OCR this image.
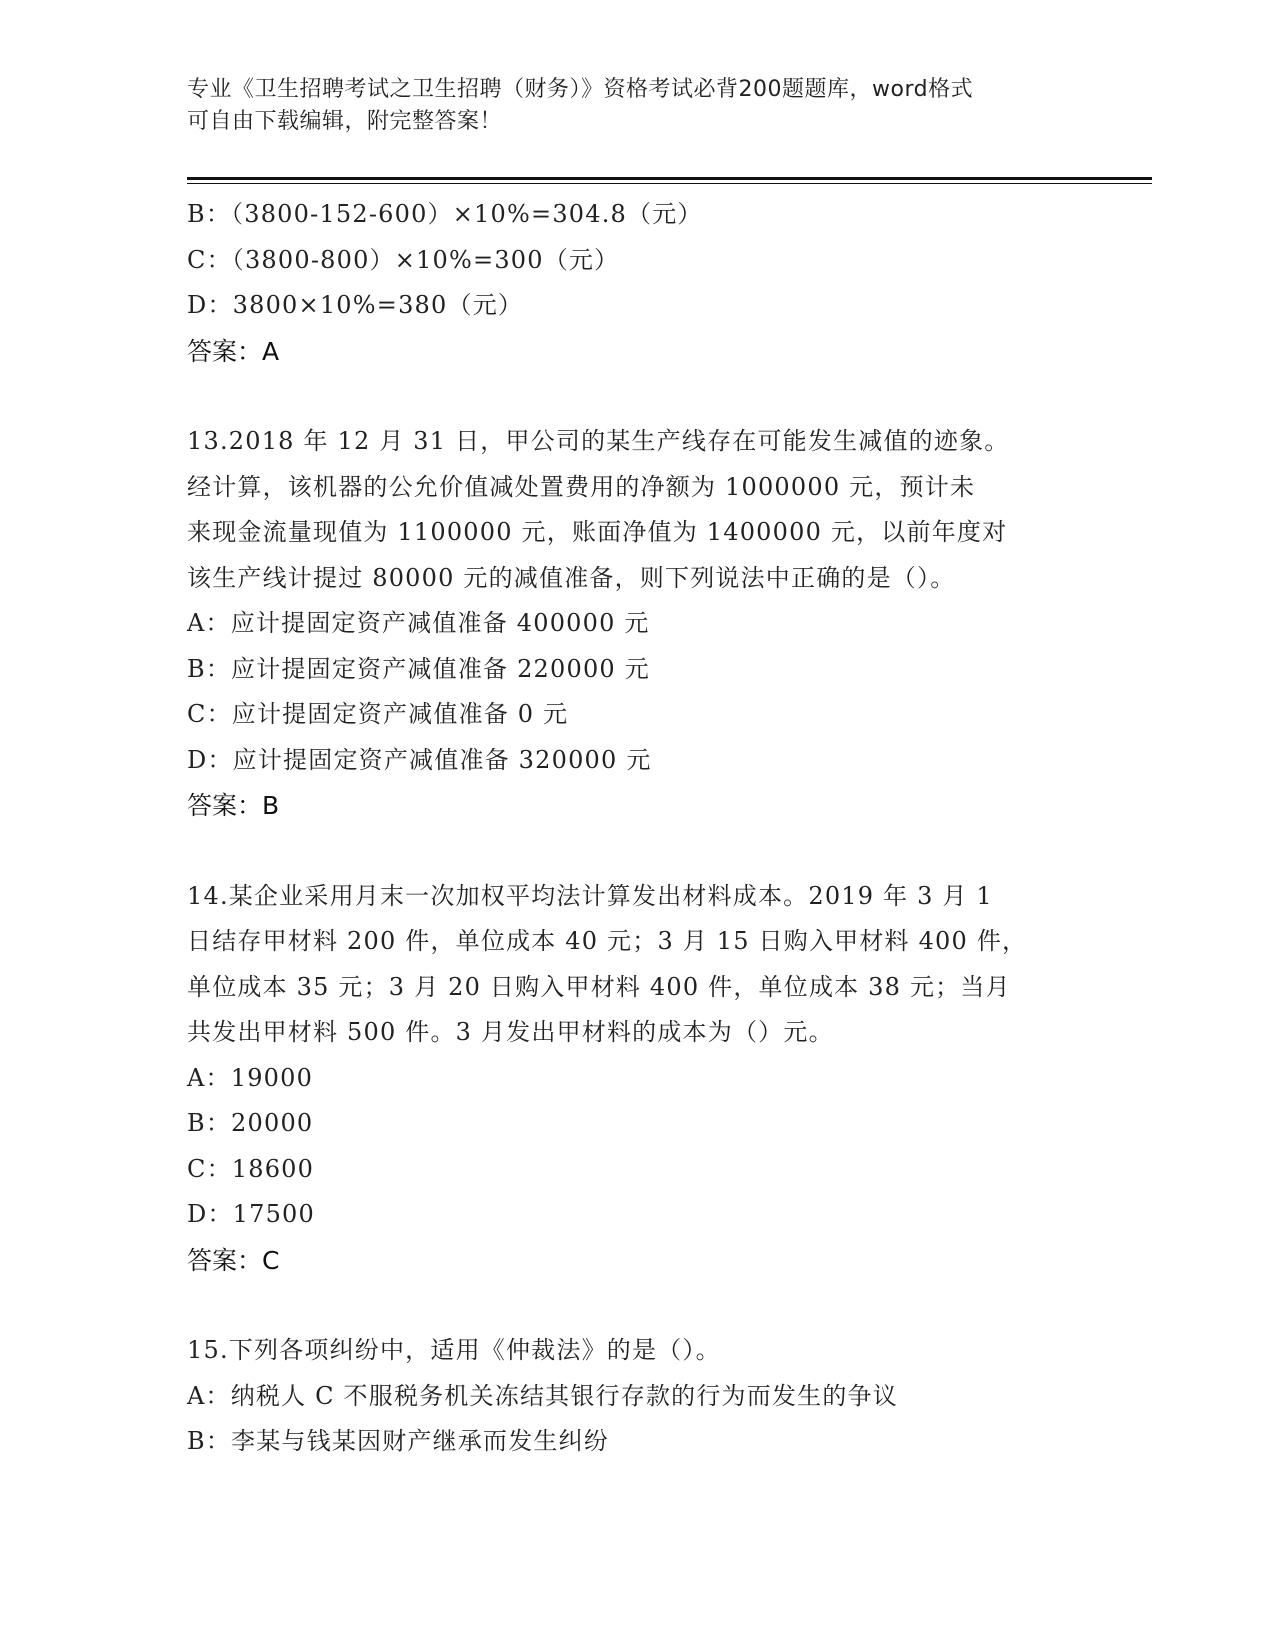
专业《卫生招聘考试之卫生招聘（财务）》资格考试必背200题题库，word格式
可自由下载编辑，附完整答案！
B：（3800-152-600）×10%=304.8（元）
C：（3800-800）×10%=300（元）
D：3800×10%=380（元）
答案：A
13.2018 年 12 月 31 日，甲公司的某生产线存在可能发生减值的迹象。
经计算，该机器的公允价值减处置费用的净额为 1000000 元，预计未
来现金流量现值为 1100000 元，账面净值为 1400000 元，以前年度对
该生产线计提过 80000 元的减值准备，则下列说法中正确的是（）。
A：应计提固定资产减值准备 400000 元
B：应计提固定资产减值准备 220000 元
C：应计提固定资产减值准备 0 元
D：应计提固定资产减值准备 320000 元
答案：B
14.某企业采用月末一次加权平均法计算发出材料成本。2019 年 3 月 1
日结存甲材料 200 件，单位成本 40 元；3 月 15 日购入甲材料 400 件，
单位成本 35 元；3 月 20 日购入甲材料 400 件，单位成本 38 元；当月
共发出甲材料 500 件。3 月发出甲材料的成本为（）元。
A：19000
B：20000
C：18600
D：17500
答案：C
15.下列各项纠纷中，适用《仲裁法》的是（）。
A：纳税人 C 不服税务机关冻结其银行存款的行为而发生的争议
B：李某与钱某因财产继承而发生纠纷
